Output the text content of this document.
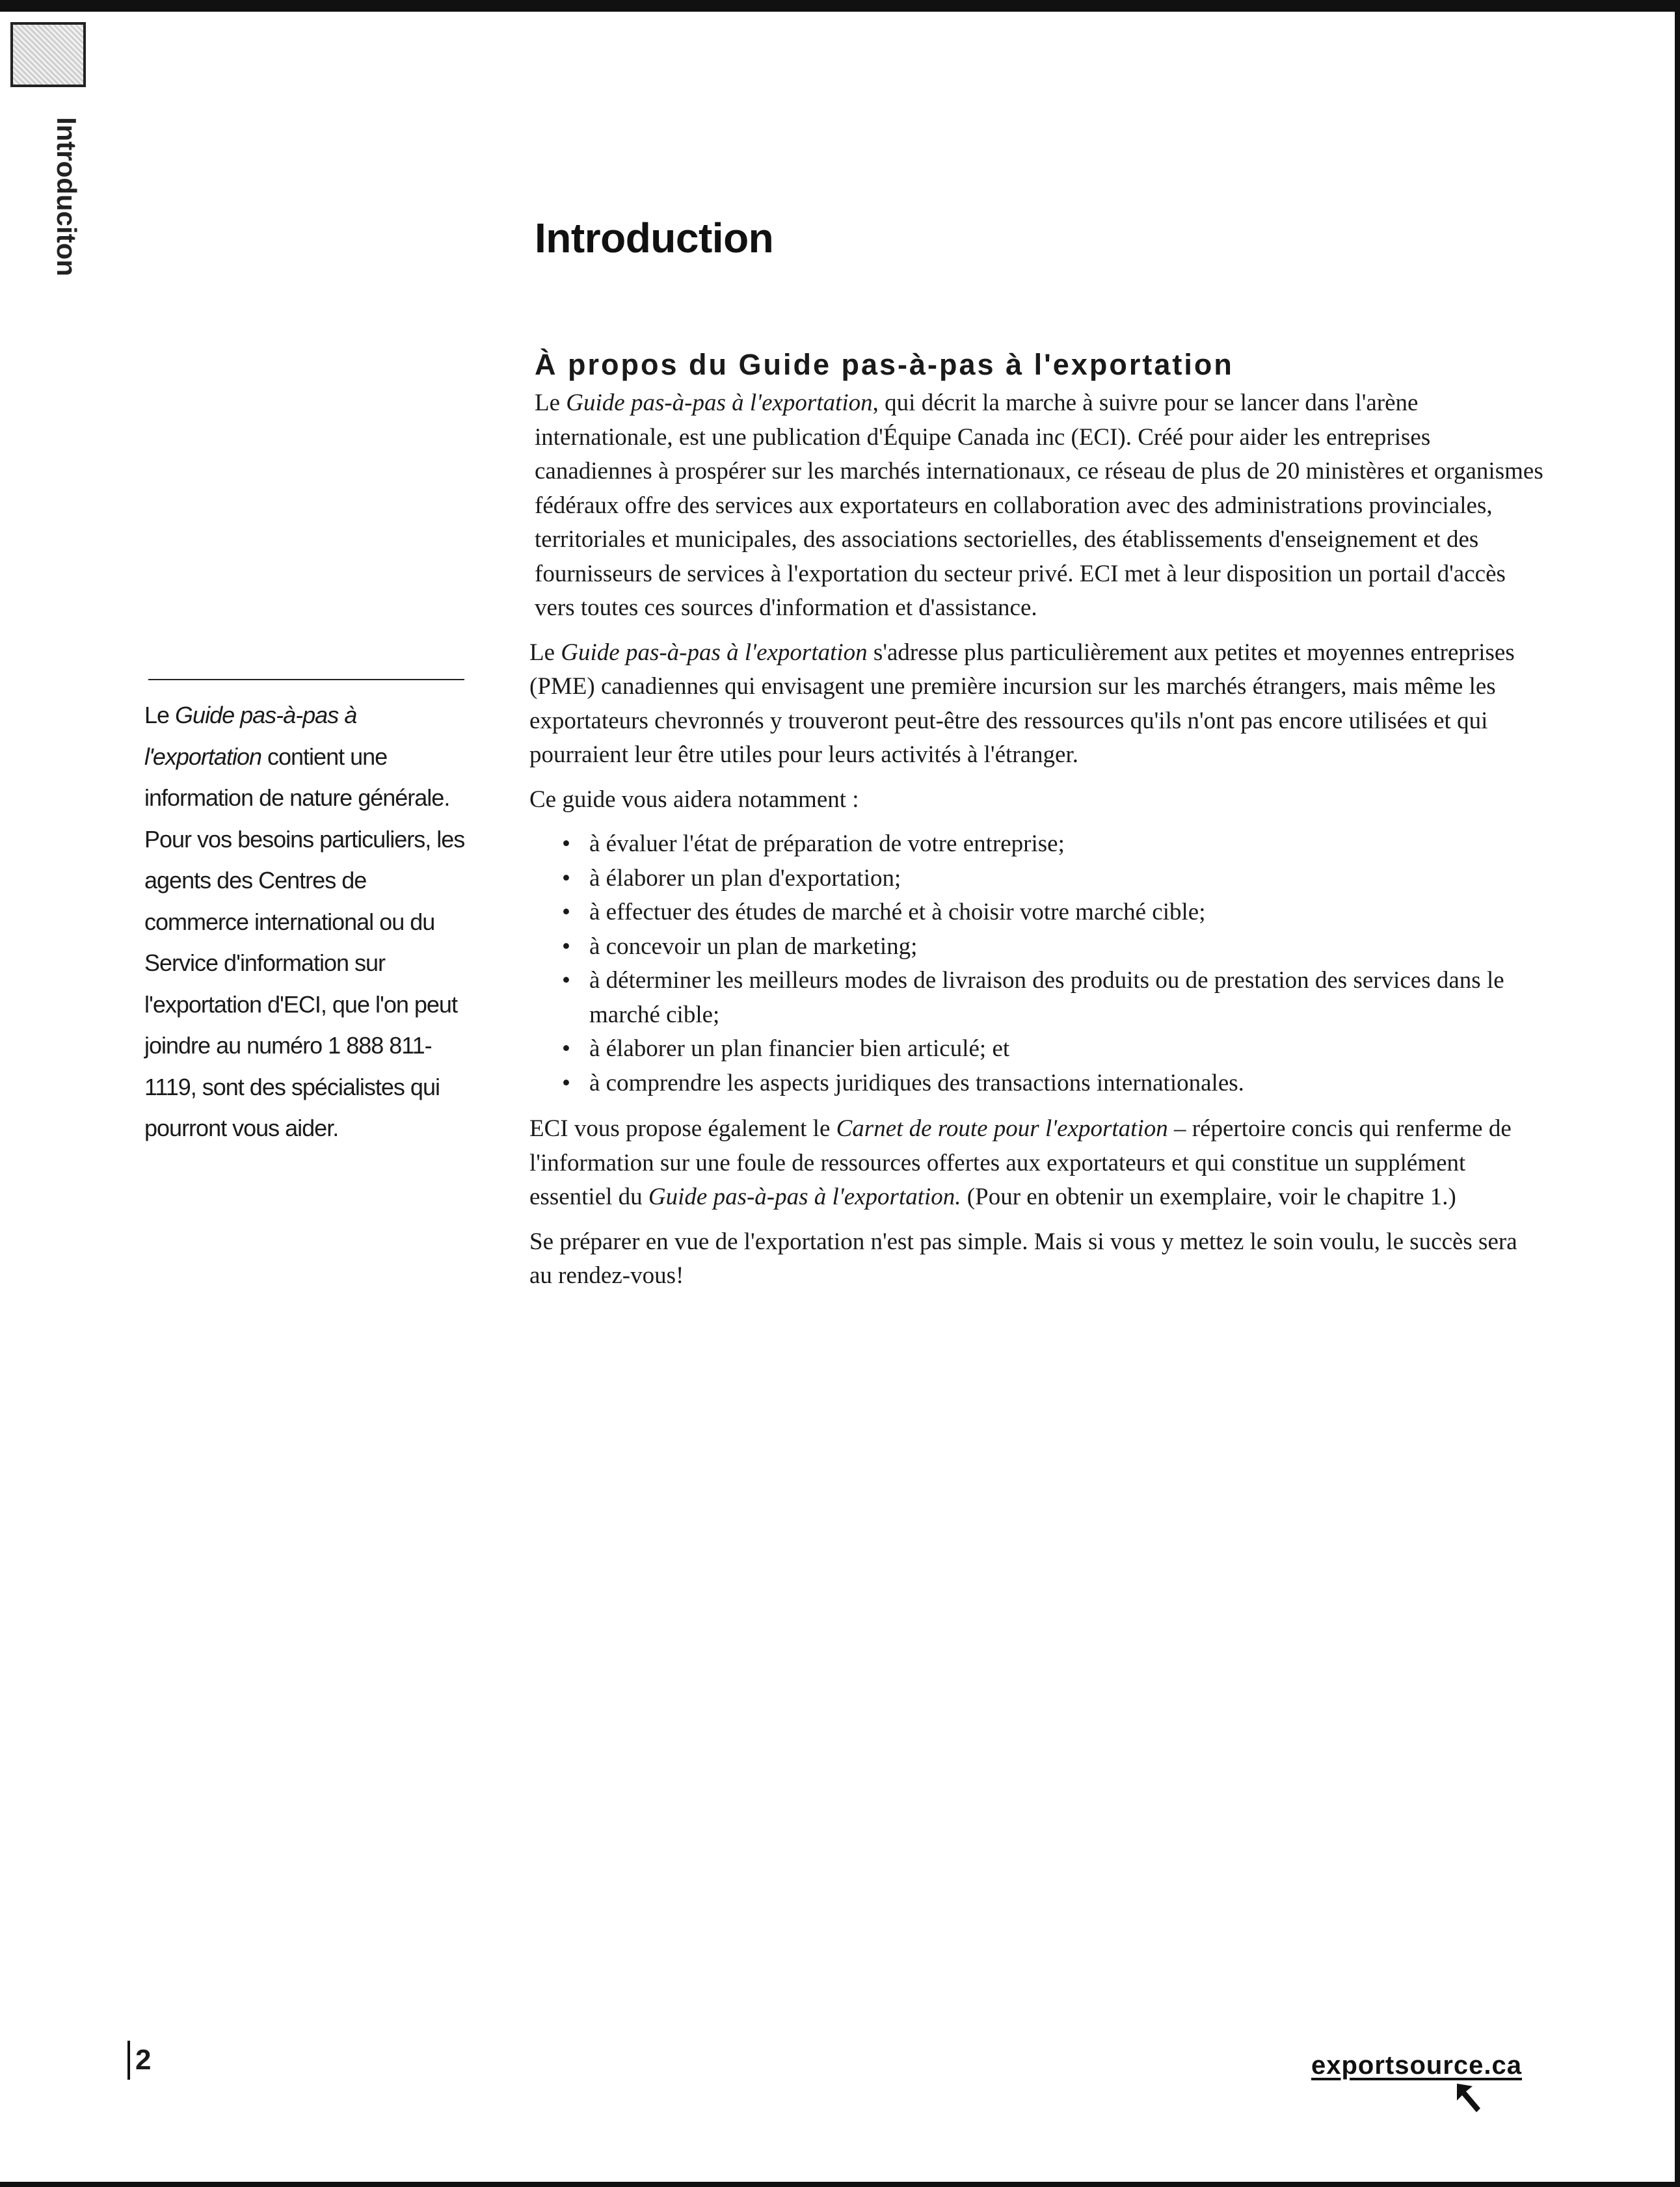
Introduciton	Introduction
À propos du Guide pas-à-pas à l'exportation

Le Guide pas-à-pas à l'exportation, qui décrit la marche à suivre pour se lancer dans l'arène internationale, est une publication d'Équipe Canada inc (ECI). Créé pour aider les entreprises canadiennes à prospérer sur les marchés internationaux, ce réseau de plus de 20 ministères et organismes fédéraux offre des services aux exportateurs en collaboration avec des administrations provinciales, territoriales et municipales, des associations sectorielles, des établissements d'enseignement et des fournisseurs de services à l'exportation du secteur privé. ECI met à leur disposition un portail d'accès vers toutes ces sources d'information et d'assistance.

Le Guide pas-à-pas à l'exportation s'adresse plus particulièrement aux petites et moyennes entreprises (PME) canadiennes qui envisagent une première incursion sur les marchés étrangers, mais même les exportateurs chevronnés y trouveront peut-être des ressources qu'ils n'ont pas encore utilisées et qui pourraient leur être utiles pour leurs activités à l'étranger.

Ce guide vous aidera notamment :

• à évaluer l'état de préparation de votre entreprise;
• à élaborer un plan d'exportation;
• à effectuer des études de marché et à choisir votre marché cible;
• à concevoir un plan de marketing;
• à déterminer les meilleurs modes de livraison des produits ou de prestation des services dans le marché cible;
• à élaborer un plan financier bien articulé; et
• à comprendre les aspects juridiques des transactions internationales.

ECI vous propose également le Carnet de route pour l'exportation – répertoire concis qui renferme de l'information sur une foule de ressources offertes aux exportateurs et qui constitue un supplément essentiel du Guide pas-à-pas à l'exportation. (Pour en obtenir un exemplaire, voir le chapitre 1.)

Se préparer en vue de l'exportation n'est pas simple. Mais si vous y mettez le soin voulu, le succès sera au rendez-vous!

Le Guide pas-à-pas à l'exportation contient une information de nature générale. Pour vos besoins particuliers, les agents des Centres de commerce international ou du Service d'information sur l'exportation d'ECI, que l'on peut joindre au numéro 1 888 811-1119, sont des spécialistes qui pourront vous aider.
2	exportsource.ca
